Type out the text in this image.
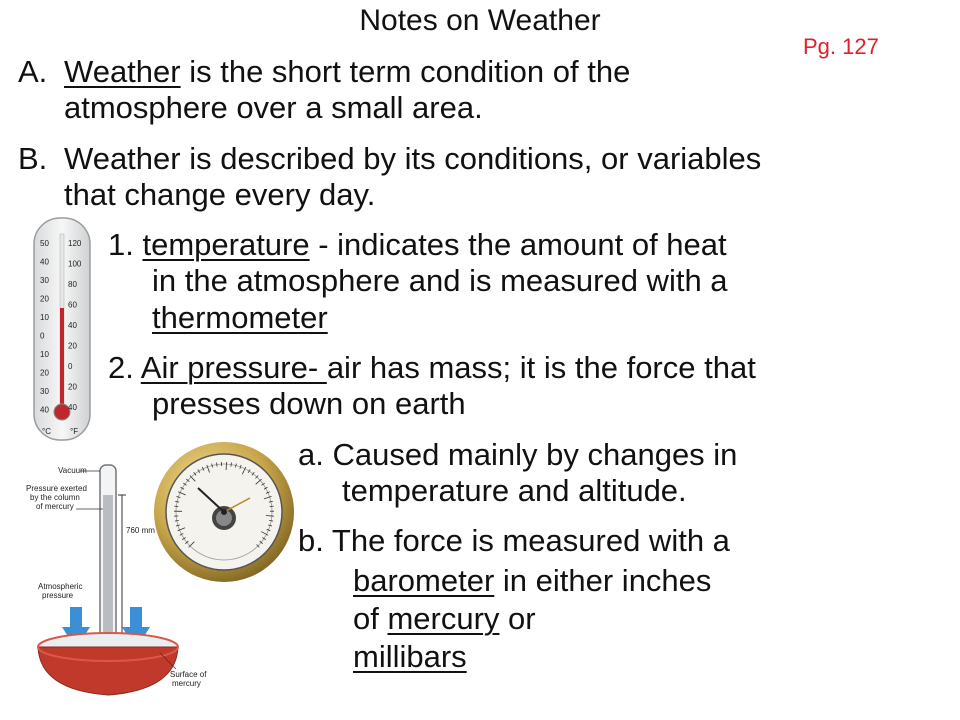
Notes on Weather
Pg. 127
A. Weather is the short term condition of the
atmosphere over a small area.
B. Weather is described by its conditions, or variables
that change every day.
1. temperature - indicates the amount of heat
in the atmosphere and is measured with a
thermometer
2. Air pressure- air has mass; it is the force that
presses down on earth
a. Caused mainly by changes in
temperature and altitude.
b. The force is measured with a
barometer in either inches
of mercury or
millibars
50
40
30
20
10
0
10
20
30
40
120
100
80
60
40
20
0
20
40
°C °F
Vacuum
Pressure exerted
by the column
of mercury
760 mm
Atmospheric
pressure
Surface of
mercury
